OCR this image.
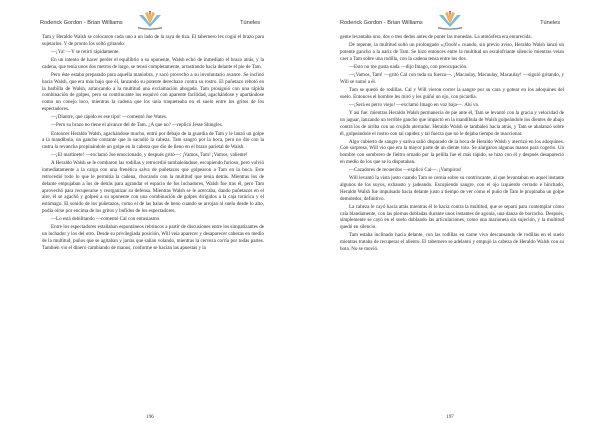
Roderick Gordon - Brian Williams	Túneles

Tam y Heraldo Walsh se colocaron cada uno a un lado de la raya de tiza. El tabernero les cogió el brazo para sujetarlos. Y de pronto los soltó gritando:

—¡Ya! —Y se retiró rápidamente.

En un intento de hacer perder el equilibrio a su oponente, Walsh echó de inmediato el brazo atrás, y la cadena, que tenía unos dos metros de largo, se tensó completamente, arrastrando hacia delante el pie de Tam.

Pero éste estaba preparado para aquella maniobra, y sacó provecho a su involuntario avance. Se inclinó hacia Walsh, que era más bajo que él, lanzando su potente derechazo contra su rostro. El puñetazo rebotó en la barbilla de Walsh, arrancando a la multitud una exclamación ahogada. Tam prosiguió con una rápida combinación de golpes, pero su contrincante los esquivó con aparente facilidad, agachándose y apartándose como un conejo loco, mientras la cadena que los unía traqueteaba en el suelo entre los gritos de los espectadores.

—¡Diantre, qué rápido es ese tipo! —comentó Joe Wates.

—Pero su brazo no tiene el alcance del de Tam. ¿A que no? —replicó Jesse Shingles.

Entonces Heraldo Walsh, agachándose mucho, entró por debajo de la guardia de Tam y le lanzó un golpe a la mandíbula, un gancho contante que lo sacudió la cabeza. Tam sangró por la boca, pero no dio con la rastra la revancha propinándole un golpe en la cabeza que dio de lleno en el brazo parietal de Walsh.

—¡El martinete! —exclamó Joe emocionado, y después gritó—: ¡Vamos, Tam! ¡Vamos, valiente!

A Heraldo Walsh se le combaron las rodillas y retrocedió tambaleándose, escupiendo furioso, pero volvió inmediatamente a la carga con una frenética salva de puñetazos que golpearon a Tam en la boca. Este retrocedió todo lo que le permitía la cadena, chocando con la multitud que tenía detrás. Mientras los de delante empujaban a los de detrás para agrandar el espacio de los luchadores, Walsh fue tras él, pero Tam aprovechó para recuperarse y reorganizar su defensa. Mientras Walsh se le acercaba, dando puñetazos en el aire, él se agachó y golpeó a su oponente con una combinación de golpes dirigidos a la caja torácica y el estómago. El sonido de los puñetazos, como el de las balas de heno cuando se arrojan al suelo desde lo alto, podía oírse por encima de los gritos y bufidos de los espectadores.

—Lo está debilitando —comentó Cal con entusiasmo.

Entre los espectadores estallaban espontáneos rebrincos a partir de discusiones entre los simpatizantes de un luchador y los del otro. Desde su privilegiada posición, Will veía aparecer y desaparecer cabezas en medio de la multitud, puños que se agitaban y jarras que salían volando, mientras la cerveza corría por todas partes. También vio el dinero cambiando de manos, conforme se hacían las apuestas y la

196
Roderick Gordon - Brian Williams	Túneles

gente levantaba uno, dos o tres dedos antes de poner las monedas. La atmósfera era enrarecida.

De repente, la multitud soltó un prolongado «¡Oooh!» cuando, sin previo aviso, Heraldo Walsh lanzó un potente gancho a la nariz de Tam. Se hizo entonces entre la multitud un escalofriante silencio mientras veían caer a Tam sobre una rodilla, con la cadena tensa entre los dos.

—Esto no me gusta nada —dijo Imago, con preocupación.

—¡Vamos, Tam! —gritó Cal con toda su fuerza—. ¡Macaulay, Macaulay, Macaulay! —siguió gritando, y Will se sumó a él.

Tam se quedó de rodillas. Cal y Will vieron correr la sangre por su cara y gotear en los adoquines del suelo. Entonces el hombre les miró y les guiñó un ojo, con picardía.

—¡Será es perro viejo! —exclamó Imago en voz baja—. Ahí va.

Y así fue: mientras Heraldo Walsh permanecía de pie ante él, Tam se levantó con la gracia y velocidad de un jaguar, lanzando un terrible gancho que impactó en la mandíbula de Walsh golpeándole los dientes de abajo contra los de arriba con un crujido aterrador. Heraldo Walsh se tambaleó hacia atrás, y Tam se abalanzó sobre él, golpeándole el rostro con tal rapidez y tal fuerza que no le dejaba tiempo de reaccionar.

Algo cubierto de sangre y saliva salió disparado de la boca de Heraldo Walsh y aterrizó en los adoquines. Con sorpresa, Will vio que era la mayor parte de un diente roto. Se alargaron algunas manos para cogerlo. Un hombre con sombrero de fieltro ornado por la pelilla fue el más rápido, se hizo con él y después desapareció en medio de los que se lo disputaban.

—Cazadores de recuerdos —explicó Cal—. ¡Vampiros!

Will levantó la vista justo cuando Tam se cernía sobre su contrincante, al que levantaban en aquel instante algunos de los suyos, exhausto y jadeando. Escupiendo sangre, con el ojo izquierdo cerrado e hinchado, Heraldo Walsh fue impulsado hacia delante justo a tiempo de ver cómo el puño de Tam le propinaba un golpe demoledor, definitivo.

La cabeza le cayó hacia atrás mientras él lo hacía contra la multitud, que se separó para contemplar cómo caía blandamente, con las piernas dobladas durante unos instantes de agonía, una danza de borracho. Después, simplemente se cayó en el suelo doblando las articulaciones, como una marioneta sin sujeción, y la multitud quedó en silencio.

Tam estaba inclinado hacia delante, con las rodillas en carne viva descansando de rodillas en el suelo mientras trataba de recuperar el aliento. El tabernero se adelantó y empujó la cabeza de Heraldo Walsh con su bota. No se movió.

197
